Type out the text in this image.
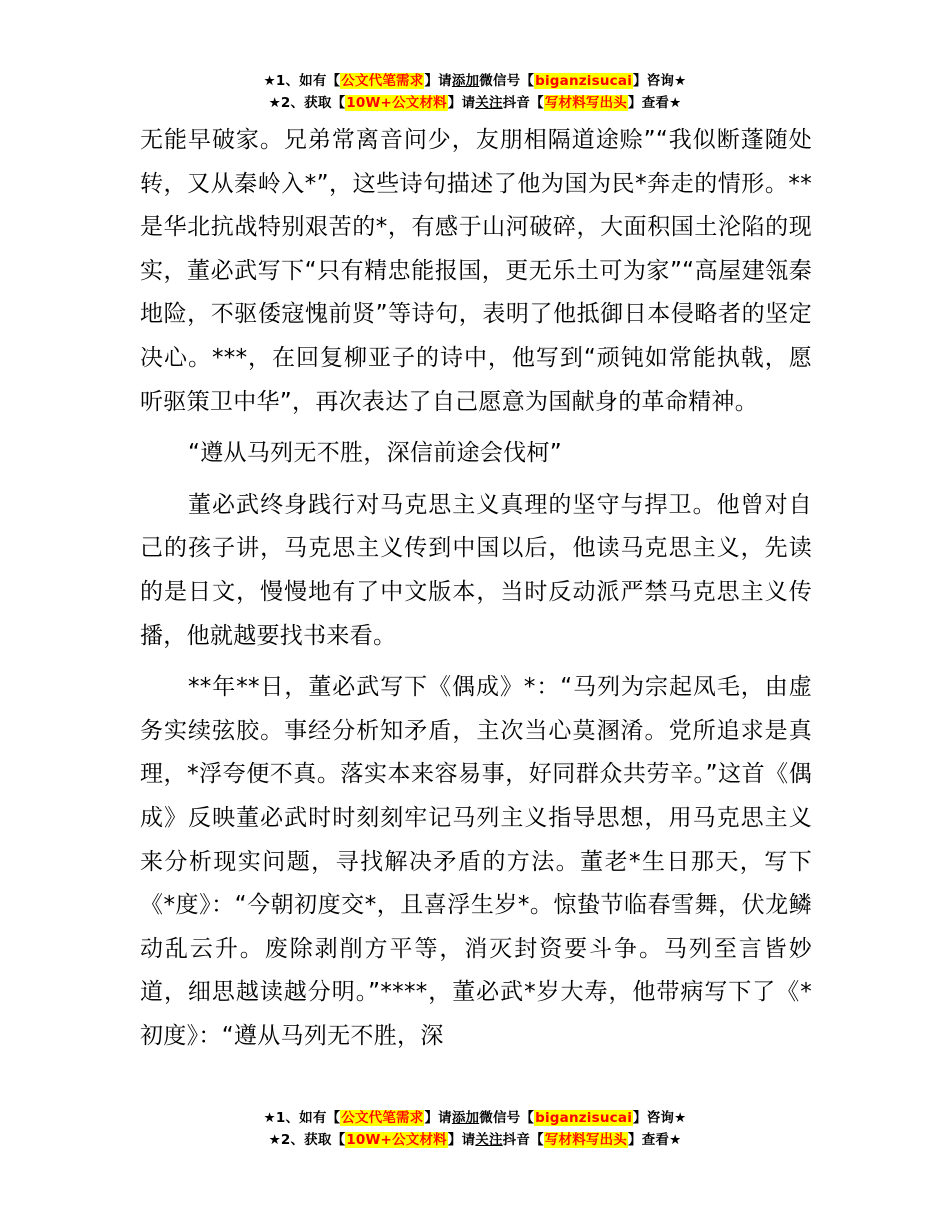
★1、如有【公文代笔需求】请添加微信号【biganzisucai】咨询★
★2、获取【10W+公文材料】请关注抖音【写材料写出头】查看★

无能早破家。兄弟常离音问少，友朋相隔道途赊”“我似断蓬随处转，又从秦岭入*”，这些诗句描述了他为国为民*奔走的情形。**是华北抗战特别艰苦的*，有感于山河破碎，大面积国土沦陷的现实，董必武写下“只有精忠能报国，更无乐土可为家”“高屋建瓴秦地险，不驱倭寇愧前贤”等诗句，表明了他抵御日本侵略者的坚定决心。***，在回复柳亚子的诗中，他写到“顽钝如常能执戟，愿听驱策卫中华”，再次表达了自己愿意为国献身的革命精神。

“遵从马列无不胜，深信前途会伐柯”

董必武终身践行对马克思主义真理的坚守与捍卫。他曾对自己的孩子讲，马克思主义传到中国以后，他读马克思主义，先读的是日文，慢慢地有了中文版本，当时反动派严禁马克思主义传播，他就越要找书来看。

**年**日，董必武写下《偶成》*：“马列为宗起凤毛，由虚务实续弦胶。事经分析知矛盾，主次当心莫溷淆。党所追求是真理，*浮夸便不真。落实本来容易事，好同群众共劳辛。”这首《偶成》反映董必武时时刻刻牢记马列主义指导思想，用马克思主义来分析现实问题，寻找解决矛盾的方法。董老*生日那天，写下《*度》：“今朝初度交*，且喜浮生岁*。惊蛰节临春雪舞，伏龙鳞动乱云升。废除剥削方平等，消灭封资要斗争。马列至言皆妙道，细思越读越分明。”****，董必武*岁大寿，他带病写下了《*初度》：“遵从马列无不胜，深

★1、如有【公文代笔需求】请添加微信号【biganzisucai】咨询★
★2、获取【10W+公文材料】请关注抖音【写材料写出头】查看★
